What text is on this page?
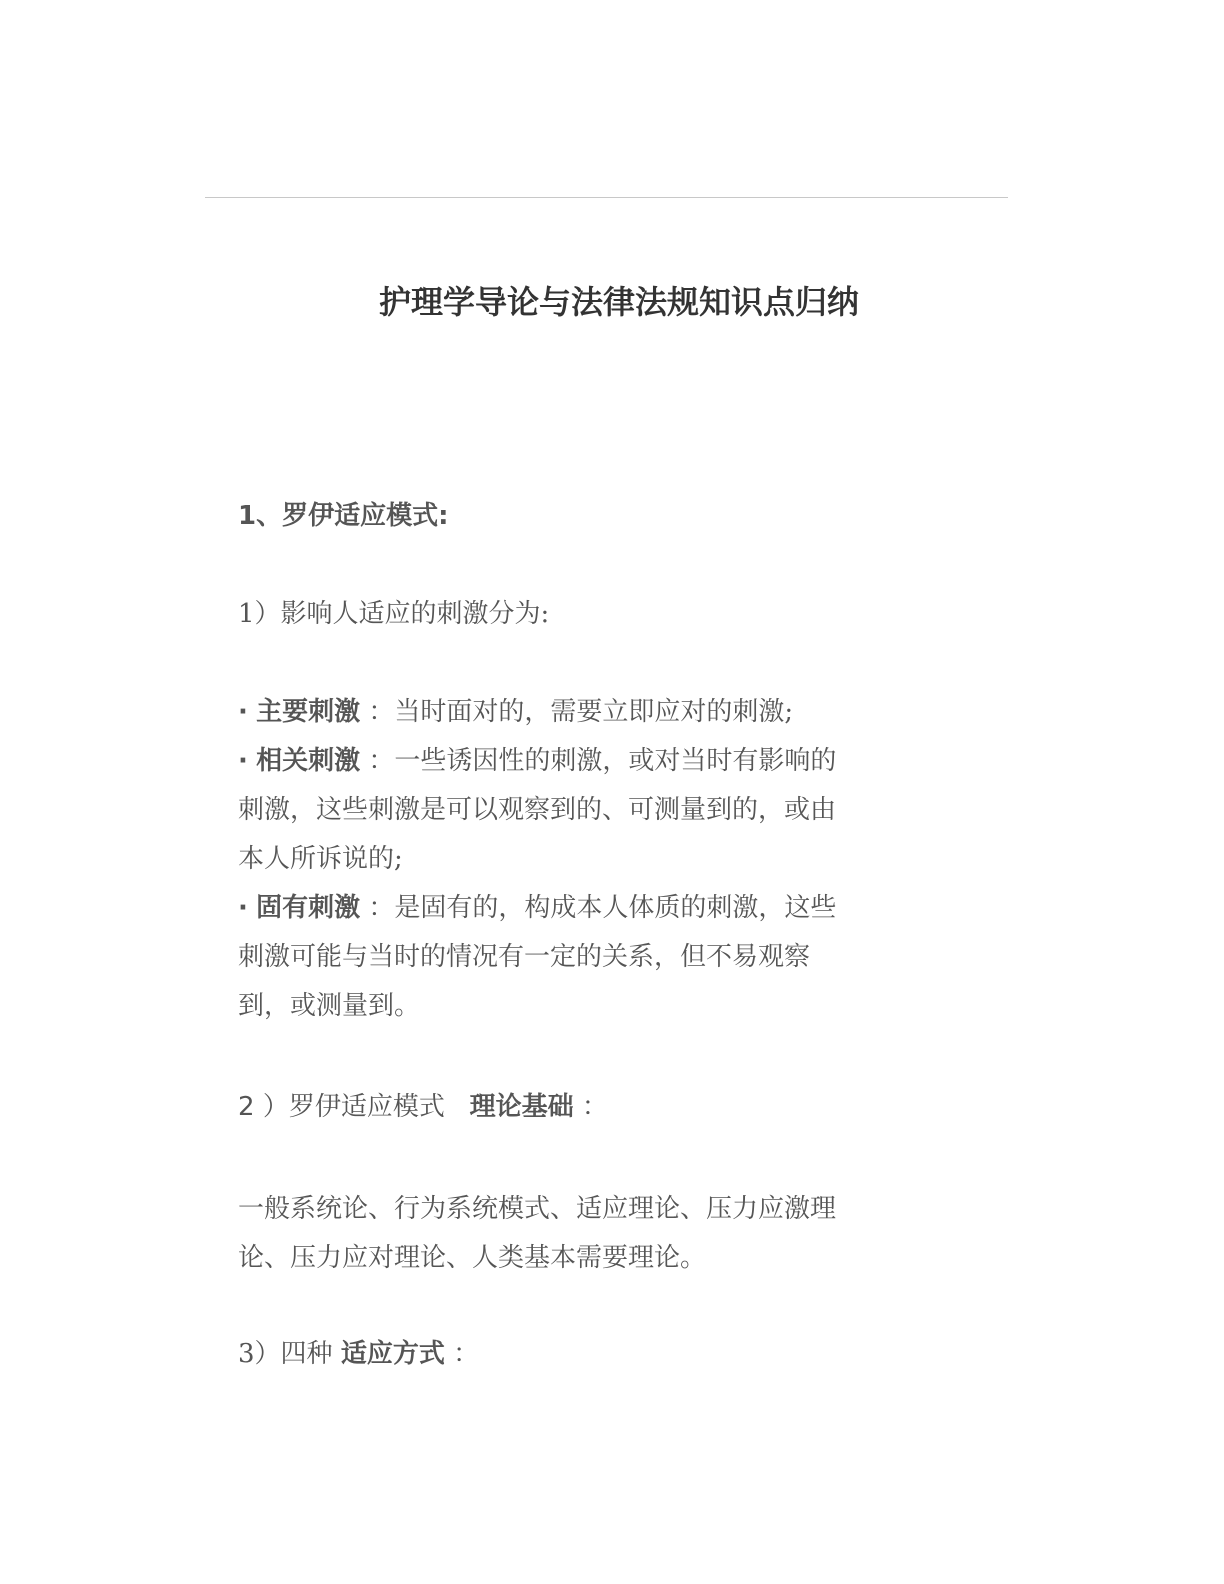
护理学导论与法律法规知识点归纳
1、罗伊适应模式:
1）影响人适应的刺激分为:
· 主要刺激 ：当时面对的，需要立即应对的刺激;
· 相关刺激 ：一些诱因性的刺激，或对当时有影响的
刺激，这些刺激是可以观察到的、可测量到的，或由
本人所诉说的;
· 固有刺激 ：是固有的，构成本人体质的刺激，这些
刺激可能与当时的情况有一定的关系，但不易观察
到，或测量到。
2 ）罗伊适应模式 理论基础 ：
一般系统论、行为系统模式、适应理论、压力应激理
论、压力应对理论、人类基本需要理论。
3）四种 适应方式 ：
